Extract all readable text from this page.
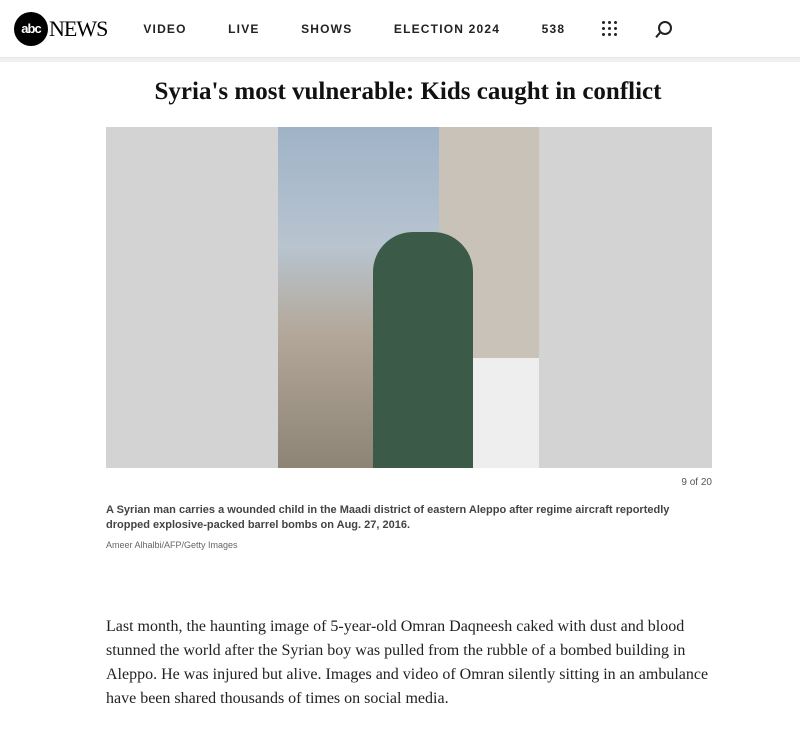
abc NEWS	VIDEO	LIVE	SHOWS	ELECTION 2024	538
Syria's most vulnerable: Kids caught in conflict
9 of 20
A Syrian man carries a wounded child in the Maadi district of eastern Aleppo after regime aircraft reportedly dropped explosive-packed barrel bombs on Aug. 27, 2016.
Ameer Alhalbi/AFP/Getty Images

Last month, the haunting image of 5-year-old Omran Daqneesh caked with dust and blood stunned the world after the Syrian boy was pulled from the rubble of a bombed building in Aleppo. He was injured but alive. Images and video of Omran silently sitting in an ambulance have been shared thousands of times on social media.
